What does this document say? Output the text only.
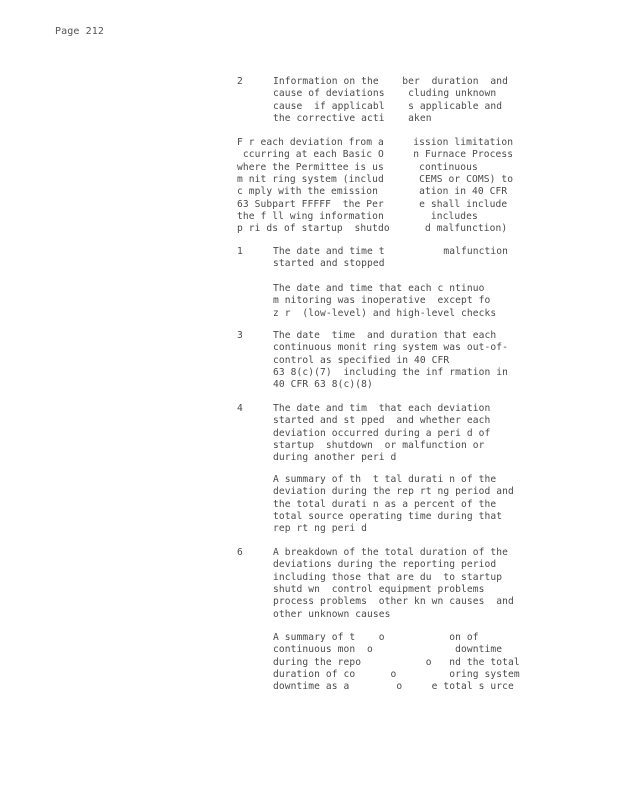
Page 212
2	Information on the    ber  duration  and
cause of deviations    cluding unknown
cause  if applicabl    s applicable and
the corrective acti    aken
F r each deviation from a     ission limitation
ccurring at each Basic O     n Furnace Process
where the Permittee is us      continuous
m nit ring system (includ      CEMS or COMS) to
c mply with the emission       ation in 40 CFR
63 Subpart FFFFF  the Per      e shall include
the f ll wing information        includes
p ri ds of startup  shutdo      d malfunction)
1	The date and time t          malfunction
started and stopped
The date and time that each c ntinuo
m nitoring was inoperative  except fo
z r  (low-level) and high-level checks
3	The date  time  and duration that each
continuous monit ring system was out-of-
control as specified in 40 CFR
63 8(c)(7)  including the inf rmation in
40 CFR 63 8(c)(8)
4	The date and tim  that each deviation
started and st pped  and whether each
deviation occurred during a peri d of
startup  shutdown  or malfunction or
during another peri d
A summary of th  t tal durati n of the
deviation during the rep rt ng period and
the total durati n as a percent of the
total source operating time during that
rep rt ng peri d
6	A breakdown of the total duration of the
deviations during the reporting period
including those that are du  to startup
shutd wn  control equipment problems
process problems  other kn wn causes  and
other unknown causes
A summary of t    o           on of
continuous mon  o              downtime
during the repo           o   nd the total
duration of co      o         oring system
downtime as a        o     e total s urce
